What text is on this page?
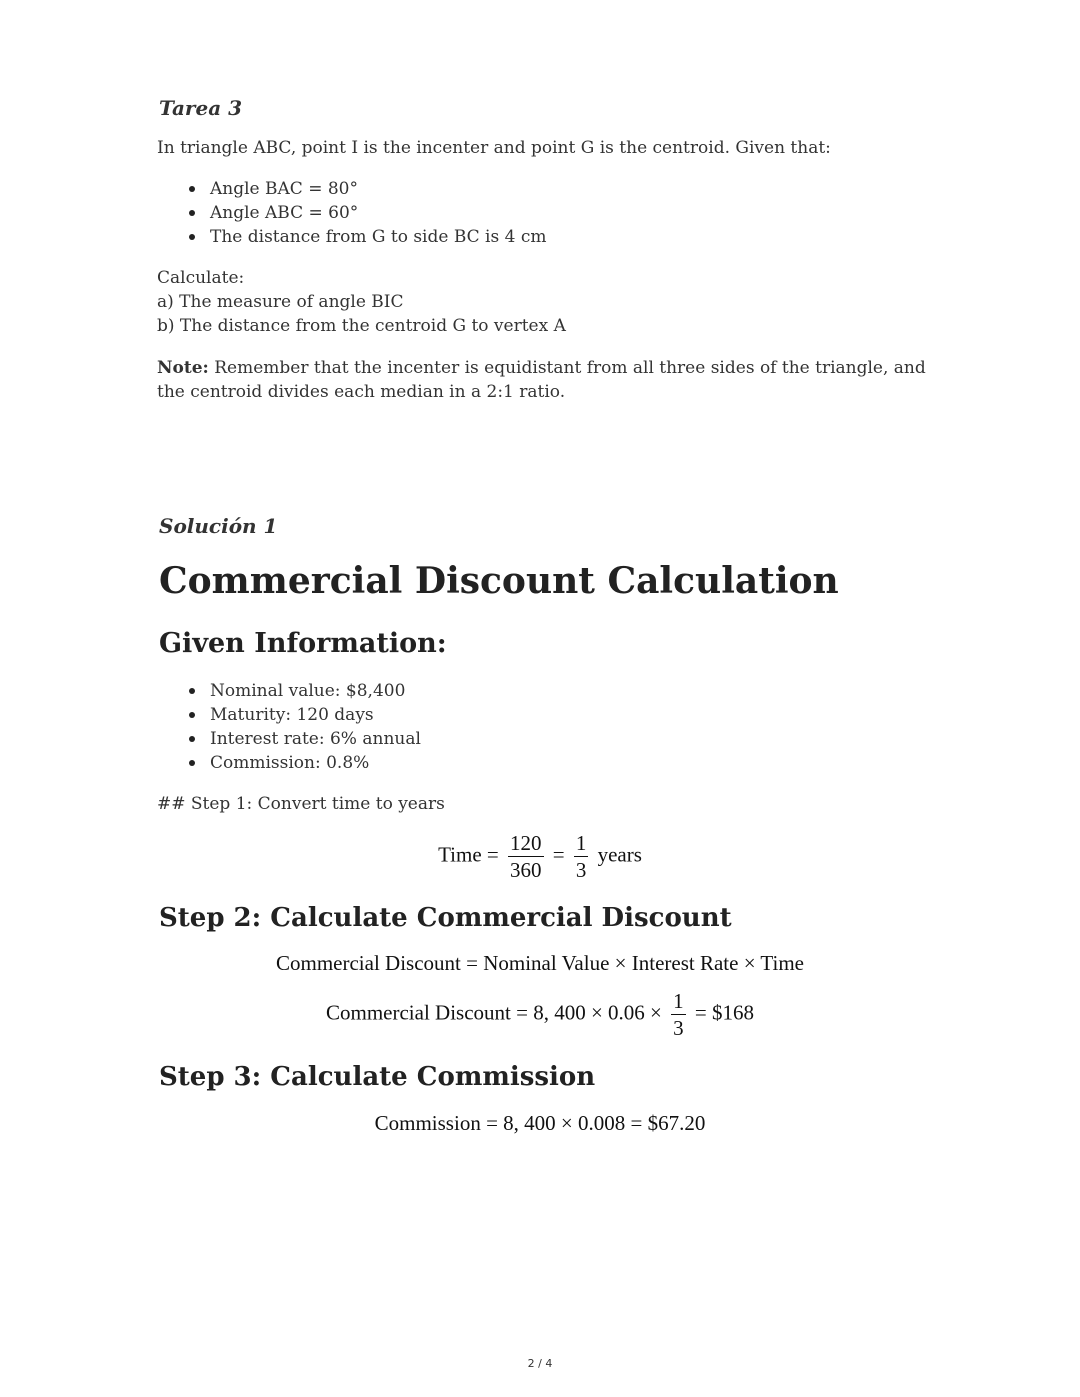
Tarea 3
In triangle ABC, point I is the incenter and point G is the centroid. Given that:
Angle BAC = 80°
Angle ABC = 60°
The distance from G to side BC is 4 cm
Calculate:
a) The measure of angle BIC
b) The distance from the centroid G to vertex A
Note: Remember that the incenter is equidistant from all three sides of the triangle, and the centroid divides each median in a 2:1 ratio.
Solución 1
Commercial Discount Calculation
Given Information:
Nominal value: $8,400
Maturity: 120 days
Interest rate: 6% annual
Commission: 0.8%
## Step 1: Convert time to years
Time = $\frac{120}{360} = \frac{1}{3}$ years
Step 2: Calculate Commercial Discount
Commercial Discount = Nominal Value × Interest Rate × Time
Commercial Discount = 8, $400 \times 0.06 \times \frac{1}{3}$ = $168
Step 3: Calculate Commission
Commission = 8, 400 × 0.008 = $67.20
2 / 4
